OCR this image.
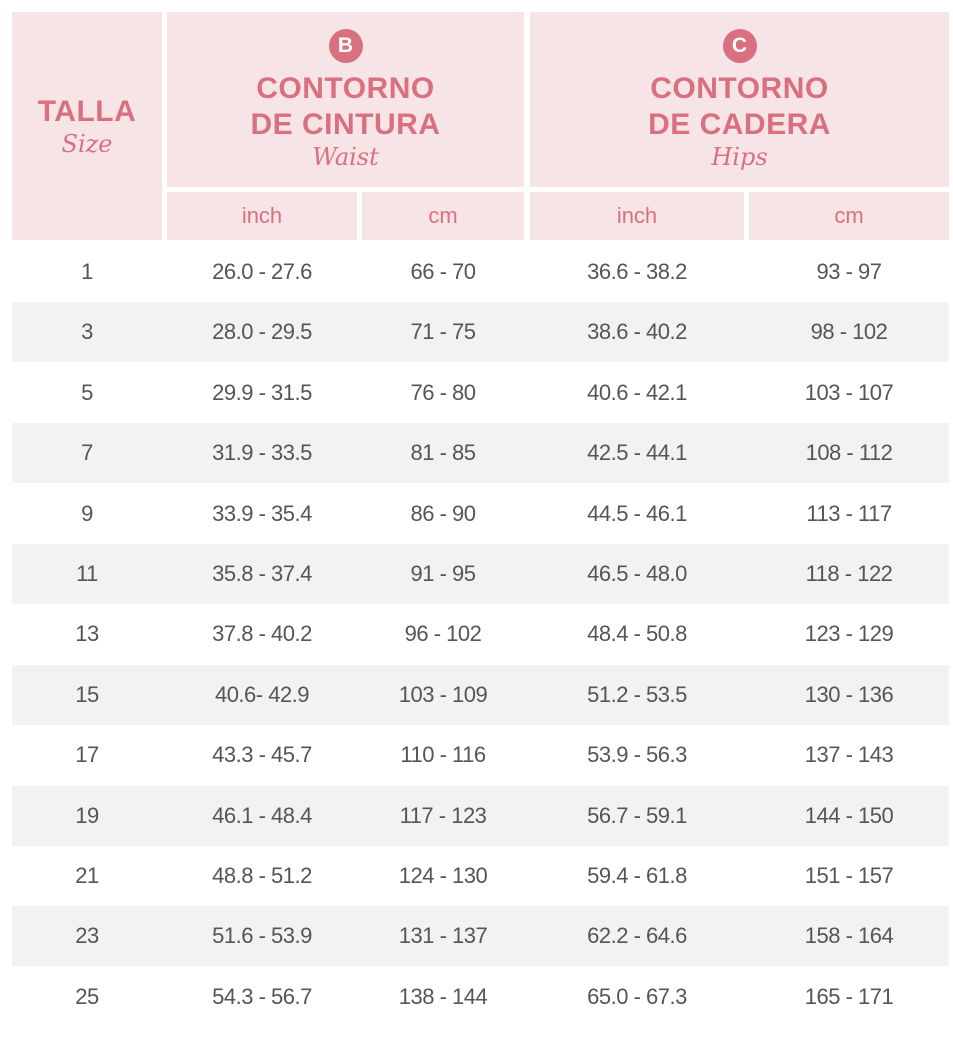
TALLA
Size
B
CONTORNO
DE CINTURA
Waist
C
CONTORNO
DE CADERA
Hips
inch	cm	inch	cm
1	26.0 - 27.6	66 - 70	36.6 - 38.2	93 - 97
3	28.0 - 29.5	71 - 75	38.6 - 40.2	98 - 102
5	29.9 - 31.5	76 - 80	40.6 - 42.1	103 - 107
7	31.9 - 33.5	81 - 85	42.5 - 44.1	108 - 112
9	33.9 - 35.4	86 - 90	44.5 - 46.1	113 - 117
11	35.8 - 37.4	91 - 95	46.5 - 48.0	118 - 122
13	37.8 - 40.2	96 - 102	48.4 - 50.8	123 - 129
15	40.6- 42.9	103 - 109	51.2 - 53.5	130 - 136
17	43.3 - 45.7	110 - 116	53.9 - 56.3	137 - 143
19	46.1 - 48.4	117 - 123	56.7 - 59.1	144 - 150
21	48.8 - 51.2	124 - 130	59.4 - 61.8	151 - 157
23	51.6 - 53.9	131 - 137	62.2 - 64.6	158 - 164
25	54.3 - 56.7	138 - 144	65.0 - 67.3	165 - 171
